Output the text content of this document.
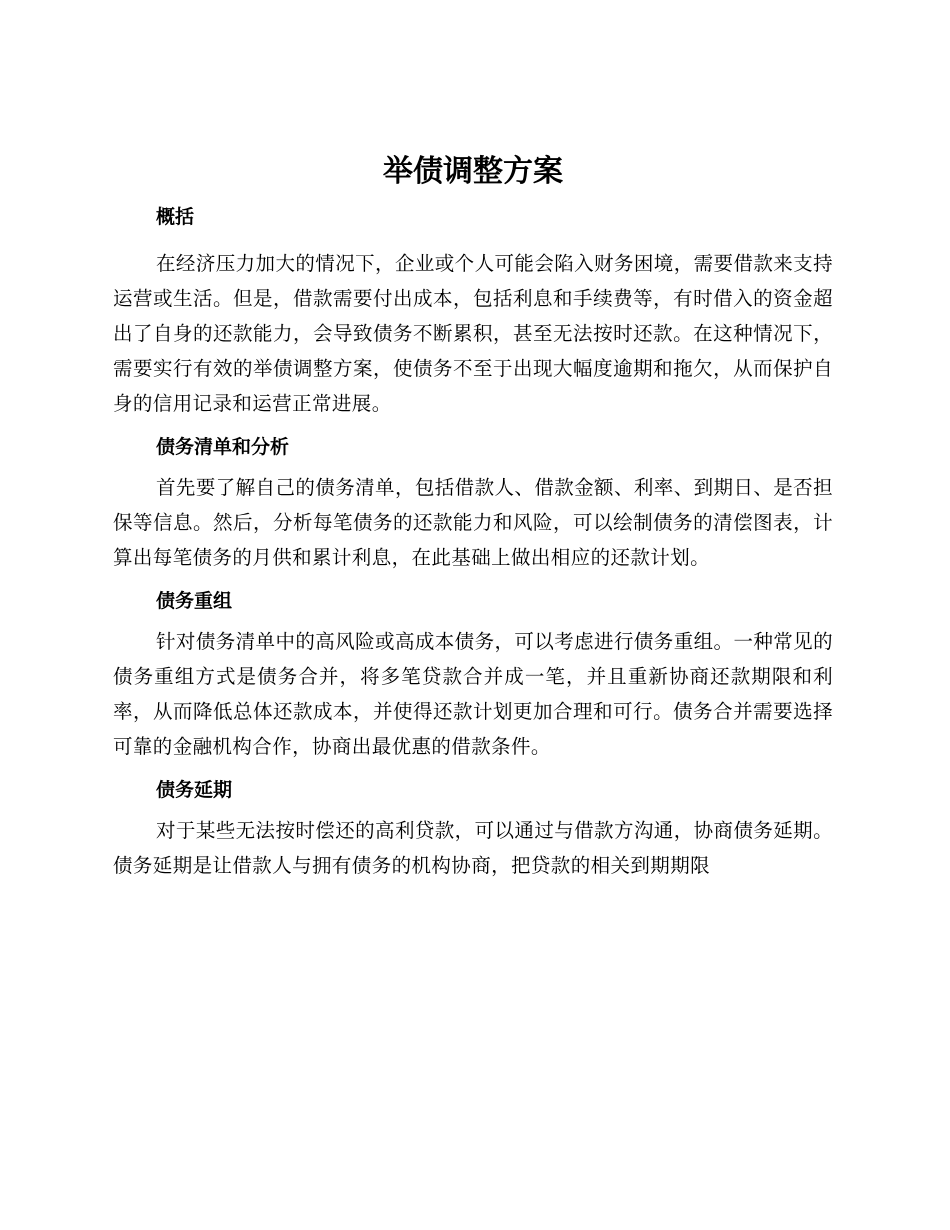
举债调整方案
概括

在经济压力加大的情况下，企业或个人可能会陷入财务困境，需要借款来支持运营或生活。但是，借款需要付出成本，包括利息和手续费等，有时借入的资金超出了自身的还款能力，会导致债务不断累积，甚至无法按时还款。在这种情况下，需要实行有效的举债调整方案，使债务不至于出现大幅度逾期和拖欠，从而保护自身的信用记录和运营正常进展。

债务清单和分析

首先要了解自己的债务清单，包括借款人、借款金额、利率、到期日、是否担保等信息。然后，分析每笔债务的还款能力和风险，可以绘制债务的清偿图表，计算出每笔债务的月供和累计利息，在此基础上做出相应的还款计划。

债务重组

针对债务清单中的高风险或高成本债务，可以考虑进行债务重组。一种常见的债务重组方式是债务合并，将多笔贷款合并成一笔，并且重新协商还款期限和利率，从而降低总体还款成本，并使得还款计划更加合理和可行。债务合并需要选择可靠的金融机构合作，协商出最优惠的借款条件。

债务延期

对于某些无法按时偿还的高利贷款，可以通过与借款方沟通，协商债务延期。债务延期是让借款人与拥有债务的机构协商，把贷款的相关到期期限
